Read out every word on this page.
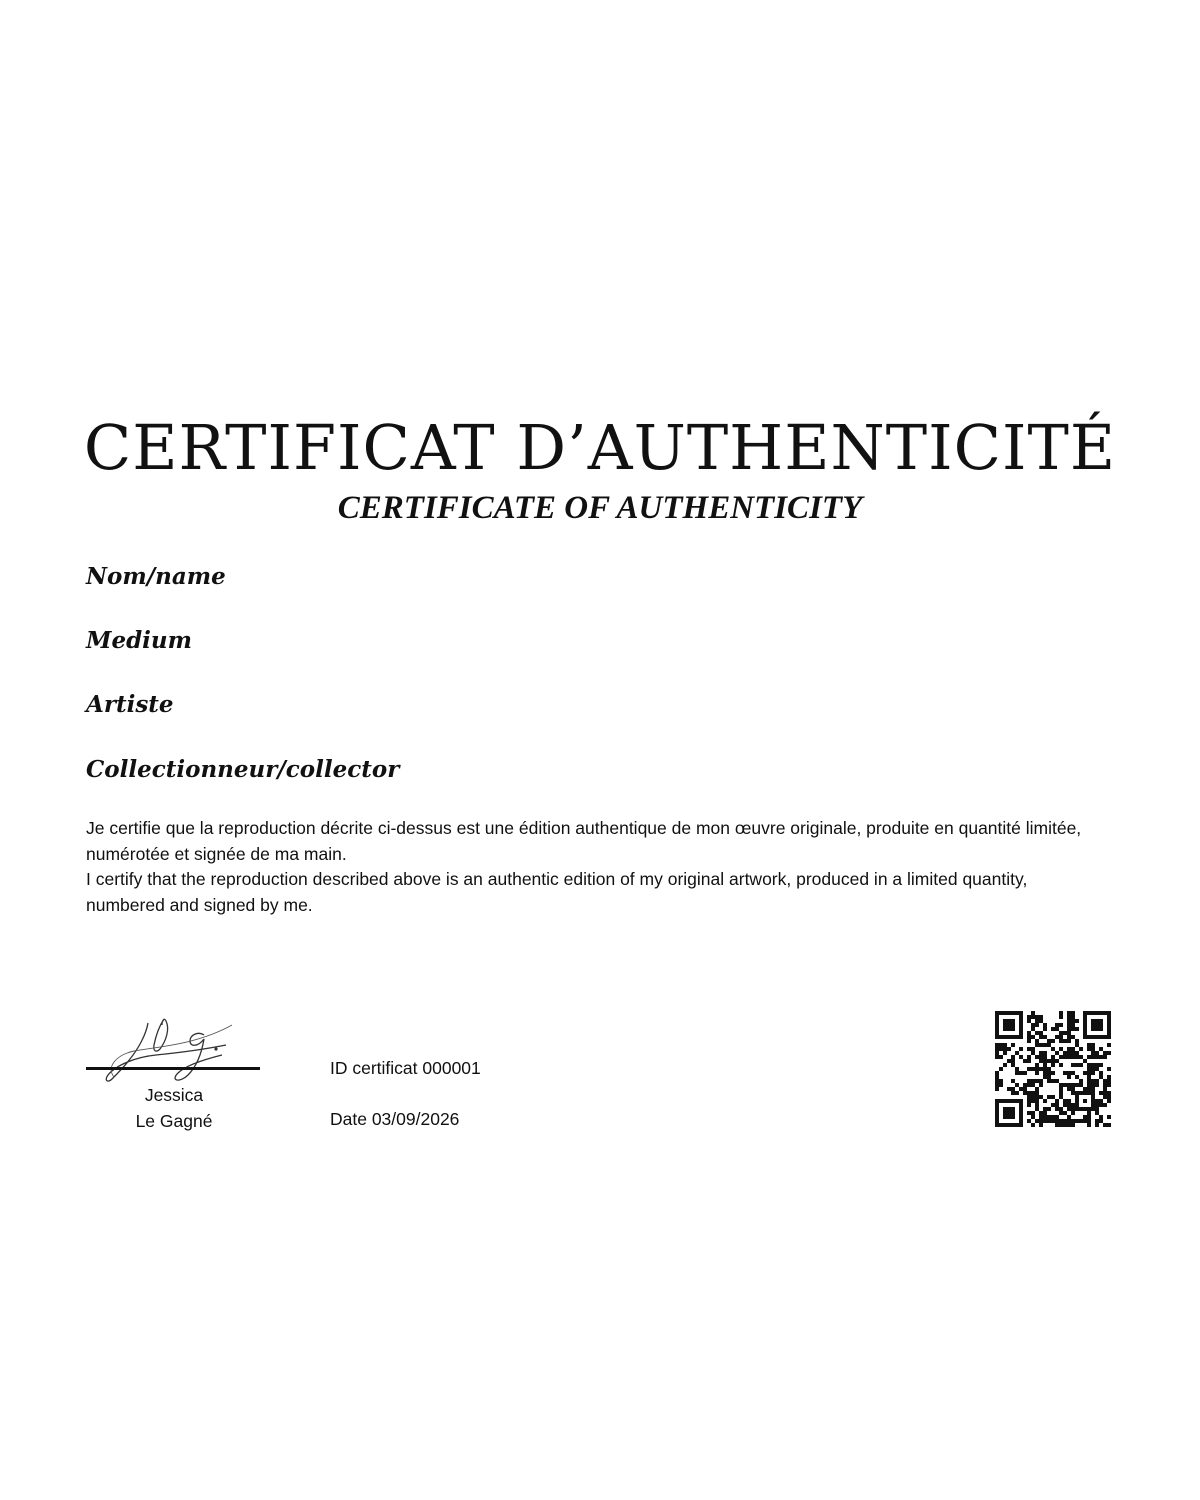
CERTIFICAT D’AUTHENTICITÉ
CERTIFICATE OF AUTHENTICITY
Nom/name
Medium
Artiste
Collectionneur/collector

Je certifie que la reproduction décrite ci-dessus est une édition authentique de mon œuvre originale, produite en quantité limitée, numérotée et signée de ma main.

I certify that the reproduction described above is an authentic edition of my original artwork, produced in a limited quantity, numbered and signed by me.

Jessica
Le Gagné
ID certificat 000001
Date 03/09/2026
